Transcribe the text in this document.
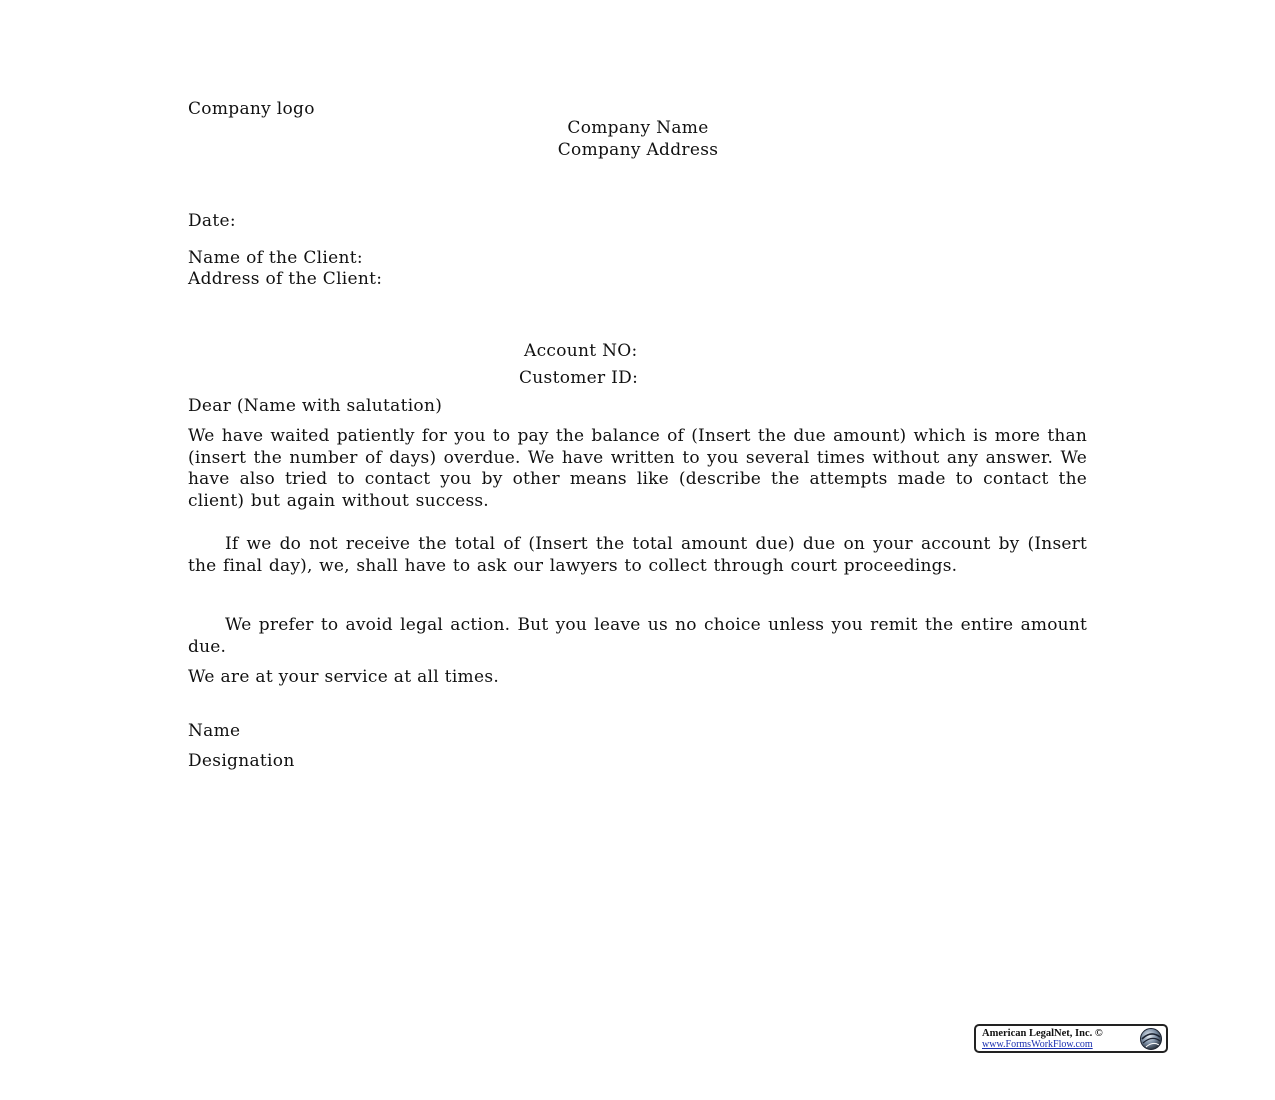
Company logo
Company Name
Company Address
Date:
Name of the Client:
Address of the Client:
Account NO:
Customer ID:
Dear (Name with salutation)
We have waited patiently for you to pay the balance of (Insert the due amount) which is more than (insert the number of days) overdue. We have written to you several times without any answer. We have also tried to contact you by other means like (describe the attempts made to contact the client) but again without success.
If we do not receive the total of (Insert the total amount due) due on your account by (Insert the final day), we, shall have to ask our lawyers to collect through court proceedings.
We prefer to avoid legal action. But you leave us no choice unless you remit the entire amount due.
We are at your service at all times.
Name
Designation
American LegalNet, Inc. ©
www.FormsWorkFlow.com
